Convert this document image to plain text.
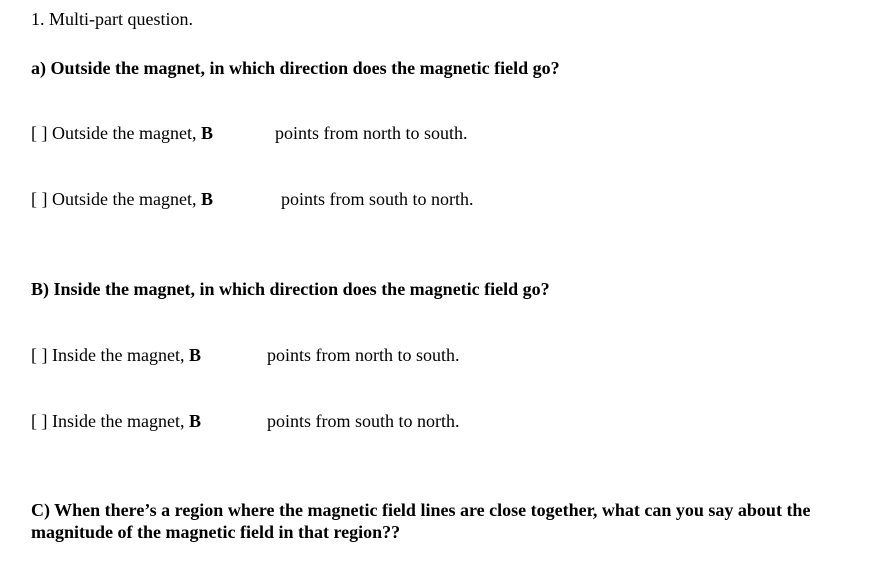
1. Multi-part question.
a) Outside the magnet, in which direction does the magnetic field go?
[ ] Outside the magnet, B	points from north to south.
[ ] Outside the magnet, B	points from south to north.
B) Inside the magnet, in which direction does the magnetic field go?
[ ] Inside the magnet, B	points from north to south.
[ ] Inside the magnet, B	points from south to north.
C) When there’s a region where the magnetic field lines are close together, what can you say about the magnitude of the magnetic field in that region??
